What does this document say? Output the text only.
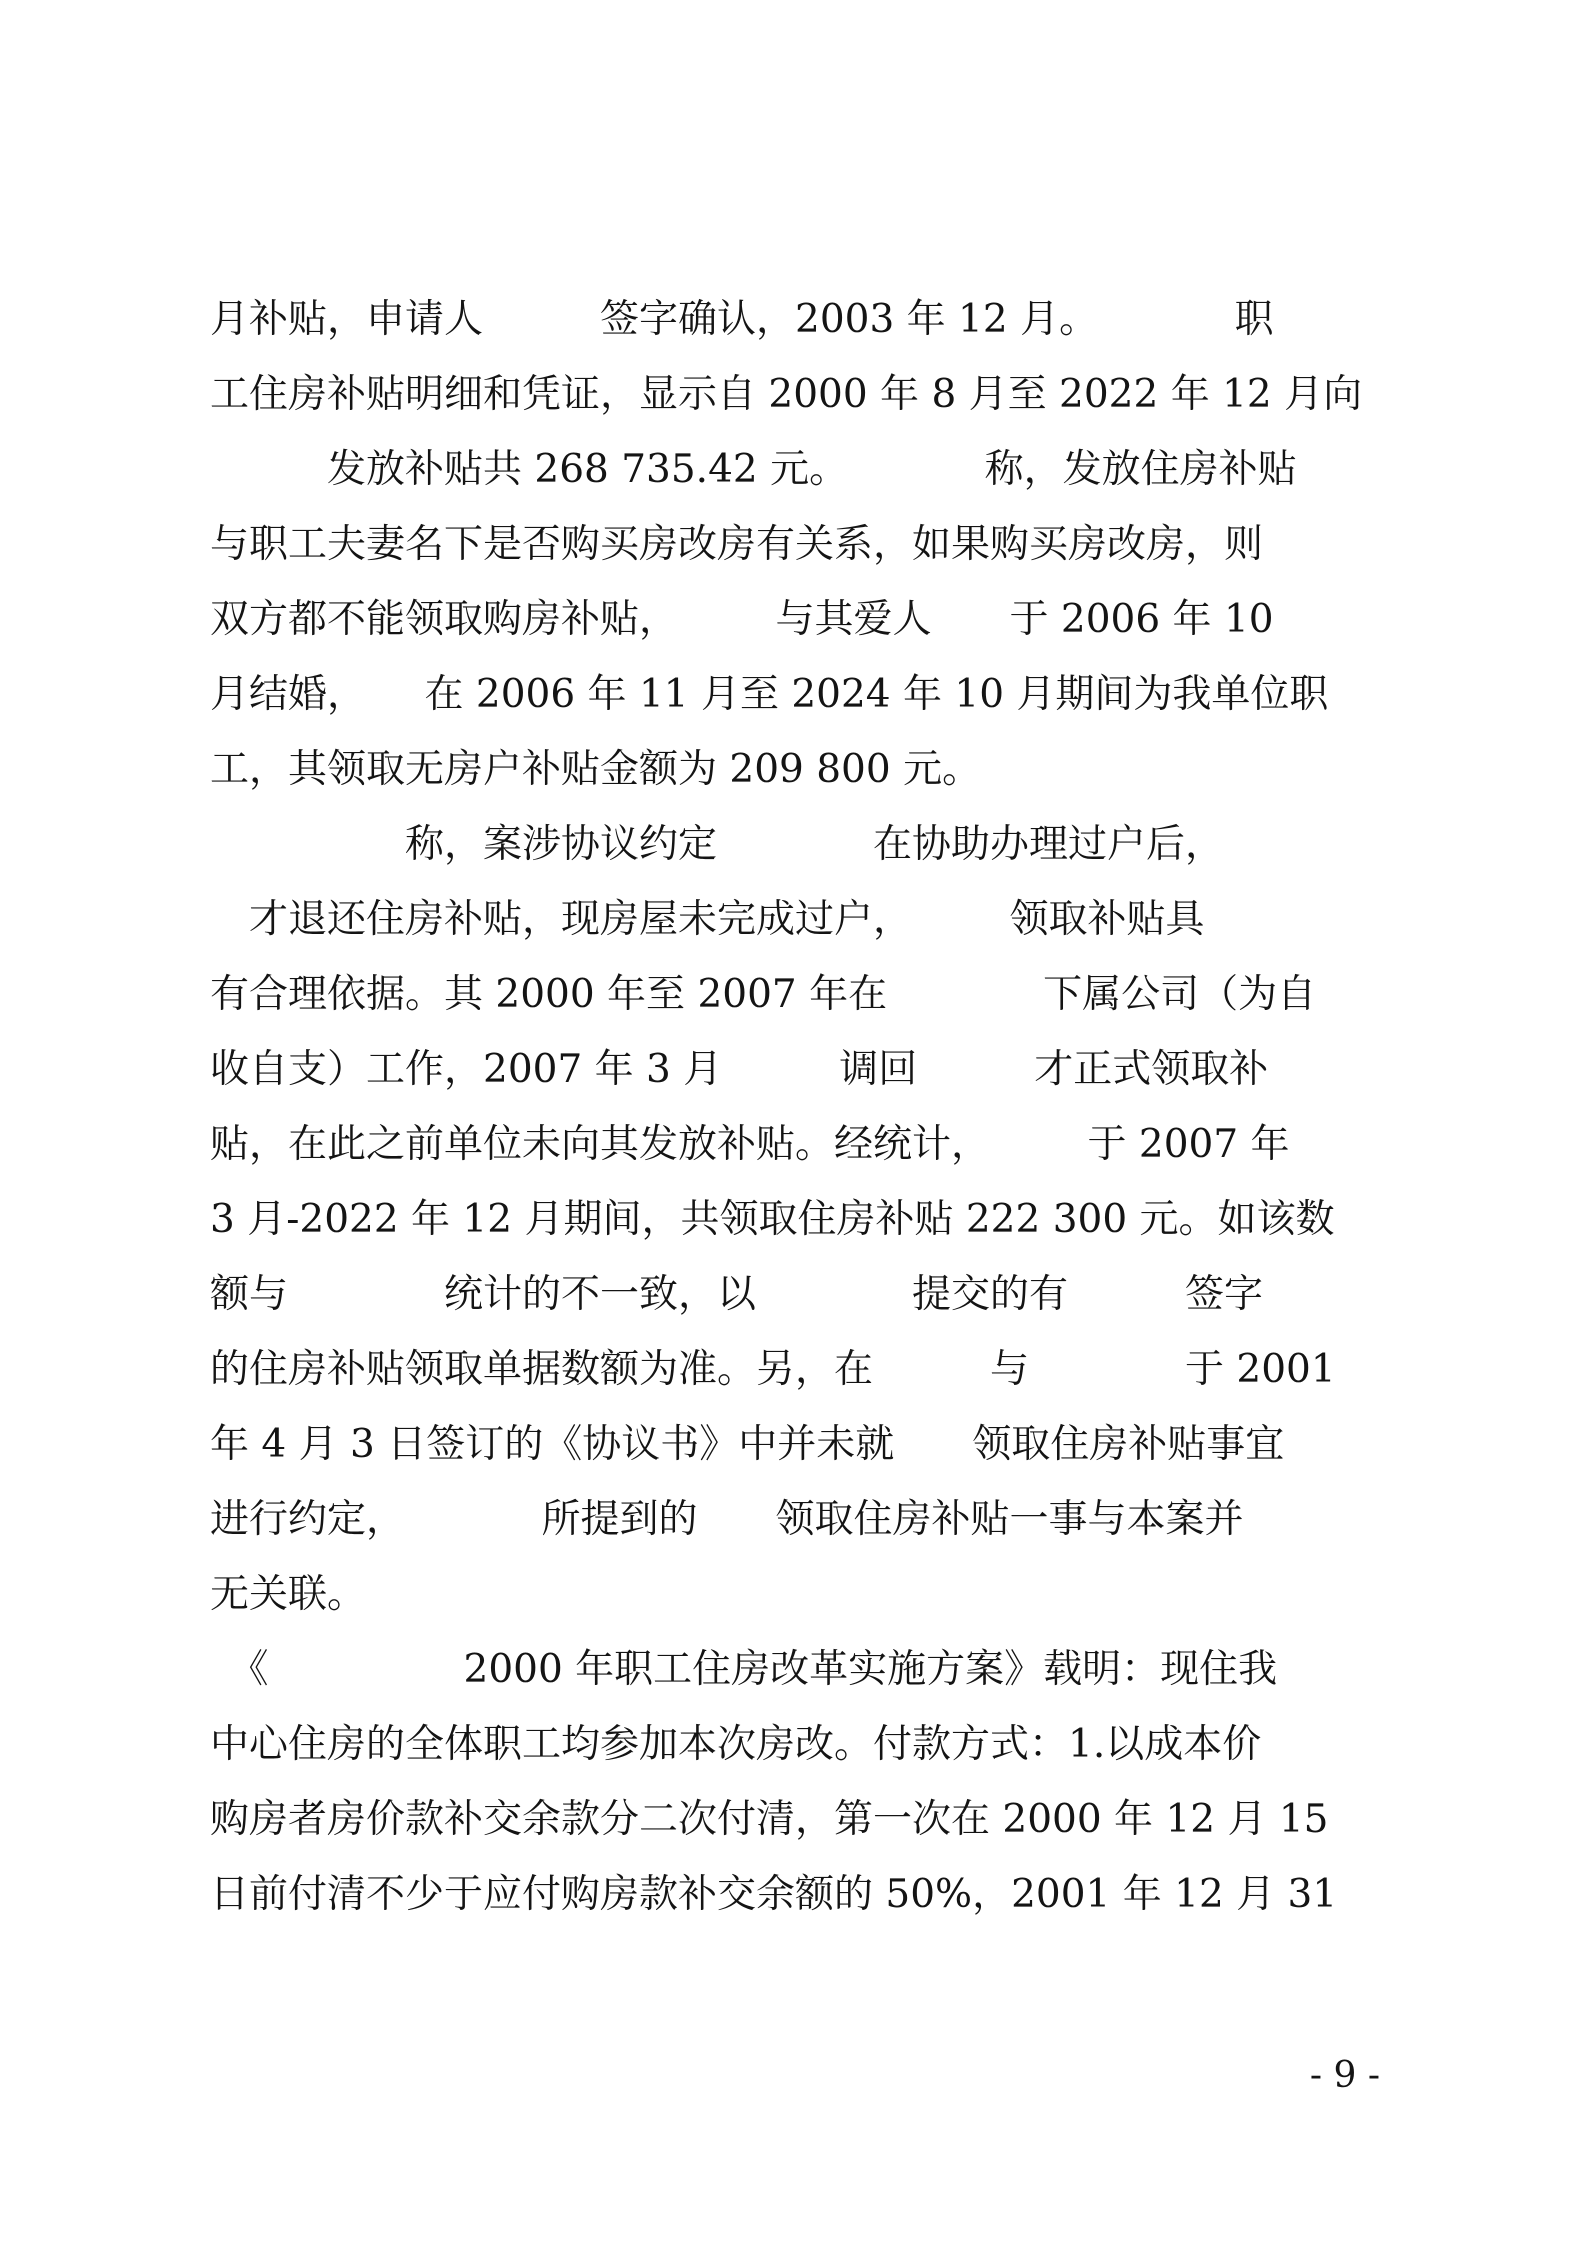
月补贴，申请人　　　签字确认，2003 年 12 月。　　　　职
工住房补贴明细和凭证，显示自 2000 年 8 月至 2022 年 12 月向
　　　发放补贴共 268 735.42 元。　　　　称，发放住房补贴
与职工夫妻名下是否购买房改房有关系，如果购买房改房，则
双方都不能领取购房补贴，　　　与其爱人　　于 2006 年 10
月结婚，　　在 2006 年 11 月至 2024 年 10 月期间为我单位职
工，其领取无房户补贴金额为 209 800 元。
　　　　　称，案涉协议约定　　　　在协助办理过户后，
　才退还住房补贴，现房屋未完成过户，　　　领取补贴具
有合理依据。其 2000 年至 2007 年在　　　　下属公司（为自
收自支）工作，2007 年 3 月　　　调回　　　才正式领取补
贴，在此之前单位未向其发放补贴。经统计，　　　于 2007 年
3 月-2022 年 12 月期间，共领取住房补贴 222 300 元。如该数
额与　　　　统计的不一致，以　　　　提交的有　　　签字
的住房补贴领取单据数额为准。另，在　　　与　　　　于 2001
年 4 月 3 日签订的《协议书》中并未就　　领取住房补贴事宜
进行约定，　　　　所提到的　　领取住房补贴一事与本案并
无关联。
　《　　　　　2000 年职工住房改革实施方案》载明：现住我
中心住房的全体职工均参加本次房改。付款方式：1.以成本价
购房者房价款补交余款分二次付清，第一次在 2000 年 12 月 15
日前付清不少于应付购房款补交余额的 50%，2001 年 12 月 31
- 9 -
